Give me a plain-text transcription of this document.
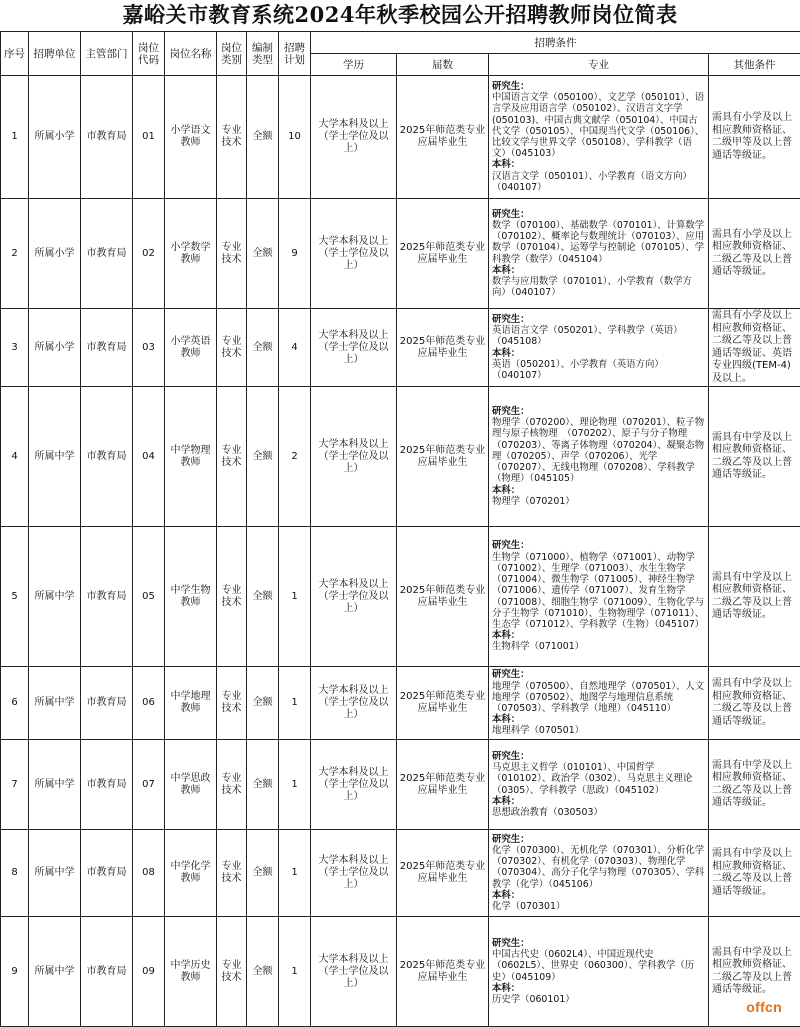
嘉峪关市教育系统2024年秋季校园公开招聘教师岗位简表
序号	招聘单位	主管部门	岗位代码	岗位名称	岗位类别	编制类型	招聘计划	招聘条件			
								学历	届数	专业	其他条件
1	所属小学	市教育局	01	小学语文教师	专业技术	全额	10	大学本科及以上（学士学位及以上）	2025年师范类专业应届毕业生	研究生：
中国语言文学（050100）、文艺学（050101）、语言学及应用语言学（050102）、汉语言文字学(050103)、中国古典文献学（050104）、中国古代文学（050105）、中国现当代文学（050106）、比较文学与世界文学（050108）、学科教学（语文）（045103）
本科：
汉语言文学（050101）、小学教育（语文方向）（040107）	需具有小学及以上相应教师资格证、二级甲等及以上普通话等级证。
2	所属小学	市教育局	02	小学数学教师	专业技术	全额	9	大学本科及以上（学士学位及以上）	2025年师范类专业应届毕业生	研究生：
数学（070100）、基础数学（070101）、计算数学（070102）、概率论与数理统计（070103）、应用数学（070104）、运筹学与控制论（070105）、学科教学（数学）（045104）
本科：
数学与应用数学（070101）、小学教育（数学方向）（040107）	需具有小学及以上相应教师资格证、二级乙等及以上普通话等级证。
3	所属小学	市教育局	03	小学英语教师	专业技术	全额	4	大学本科及以上（学士学位及以上）	2025年师范类专业应届毕业生	研究生：
英语语言文学（050201）、学科教学（英语）（045108）
本科：
英语（050201）、小学教育（英语方向）（040107）	需具有小学及以上相应教师资格证、二级乙等及以上普通话等级证、英语专业四级(TEM-4)及以上。
4	所属中学	市教育局	04	中学物理教师	专业技术	全额	2	大学本科及以上（学士学位及以上）	2025年师范类专业应届毕业生	研究生：
物理学（070200）、理论物理（070201）、粒子物理与原子核物理　（070202）、原子与分子物理（070203）、等离子体物理（070204）、凝聚态物理（070205）、声学（070206）、光学　（070207）、无线电物理（070208）、学科教学（物理）（045105）
本科：
物理学（070201）	需具有中学及以上相应教师资格证、二级乙等及以上普通话等级证。
5	所属中学	市教育局	05	中学生物教师	专业技术	全额	1	大学本科及以上（学士学位及以上）	2025年师范类专业应届毕业生	研究生：
生物学（071000）、植物学（071001）、动物学（071002）、生理学（071003）、水生生物学（071004）、微生物学（071005）、神经生物学（071006）、遗传学（071007）、发育生物学（071008）、细胞生物学（071009）、生物化学与分子生物学（071010）、生物物理学（071011）、生态学（071012）、学科教学（生物）（045107）
本科：
生物科学（071001）	需具有中学及以上相应教师资格证、二级乙等及以上普通话等级证。
6	所属中学	市教育局	06	中学地理教师	专业技术	全额	1	大学本科及以上（学士学位及以上）	2025年师范类专业应届毕业生	研究生：
地理学（070500）、自然地理学（070501）、人文地理学（070502）、地图学与地理信息系统（070503）、学科教学（地理）（045110）
本科：
地理科学（070501）	需具有中学及以上相应教师资格证、二级乙等及以上普通话等级证。
7	所属中学	市教育局	07	中学思政教师	专业技术	全额	1	大学本科及以上（学士学位及以上）	2025年师范类专业应届毕业生	研究生：
马克思主义哲学（010101）、中国哲学（010102）、政治学（0302）、马克思主义理论（0305）、学科教学（思政）（045102）
本科：
思想政治教育（030503）	需具有中学及以上相应教师资格证、二级乙等及以上普通话等级证。
8	所属中学	市教育局	08	中学化学教师	专业技术	全额	1	大学本科及以上（学士学位及以上）	2025年师范类专业应届毕业生	研究生：
化学（070300）、无机化学（070301）、分析化学（070302）、有机化学（070303）、物理化学（070304）、高分子化学与物理（070305）、学科教学（化学）（045106）
本科：
化学（070301）	需具有中学及以上相应教师资格证、二级乙等及以上普通话等级证。
9	所属中学	市教育局	09	中学历史教师	专业技术	全额	1	大学本科及以上（学士学位及以上）	2025年师范类专业应届毕业生	研究生：
中国古代史（0602L4）、中国近现代史（0602L5）、世界史（060300）、学科教学（历史）（045109）
本科：
历史学（060101）	需具有中学及以上相应教师资格证、二级乙等及以上普通话等级证。
offcn
